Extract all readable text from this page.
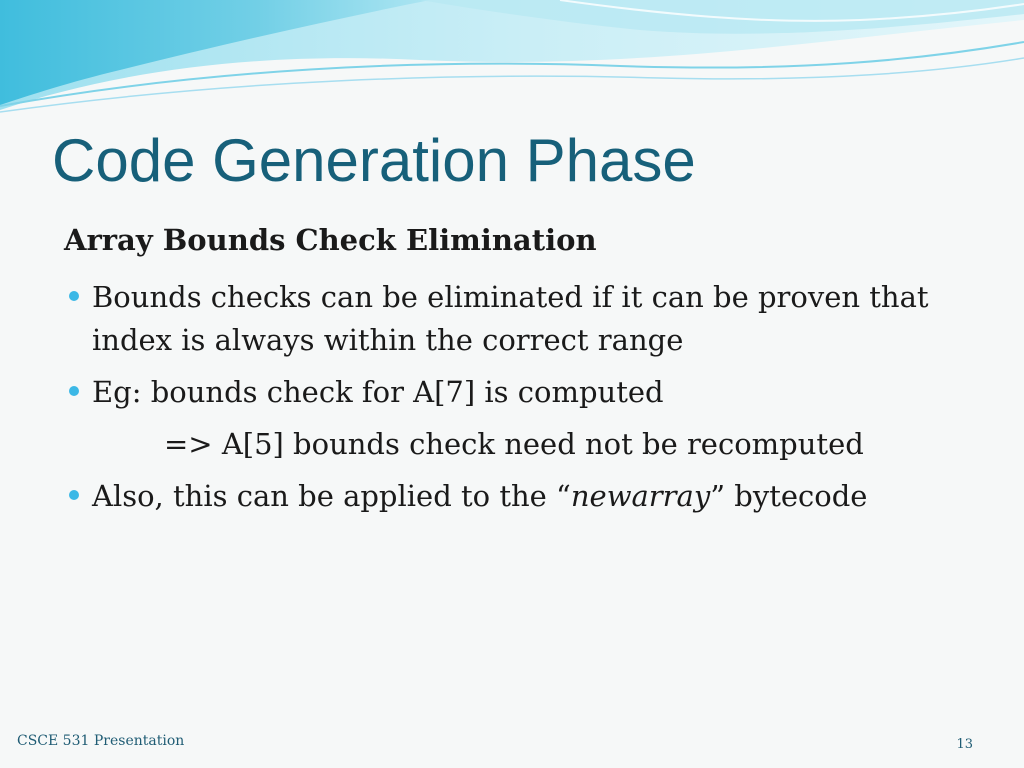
Code Generation Phase
Array Bounds Check Elimination
Bounds checks can be eliminated if it can be proven that index is always within the correct range
Eg: bounds check for A[7] is computed
=> A[5] bounds check need not be recomputed
Also, this can be applied to the “newarray” bytecode
CSCE 531 Presentation	13
